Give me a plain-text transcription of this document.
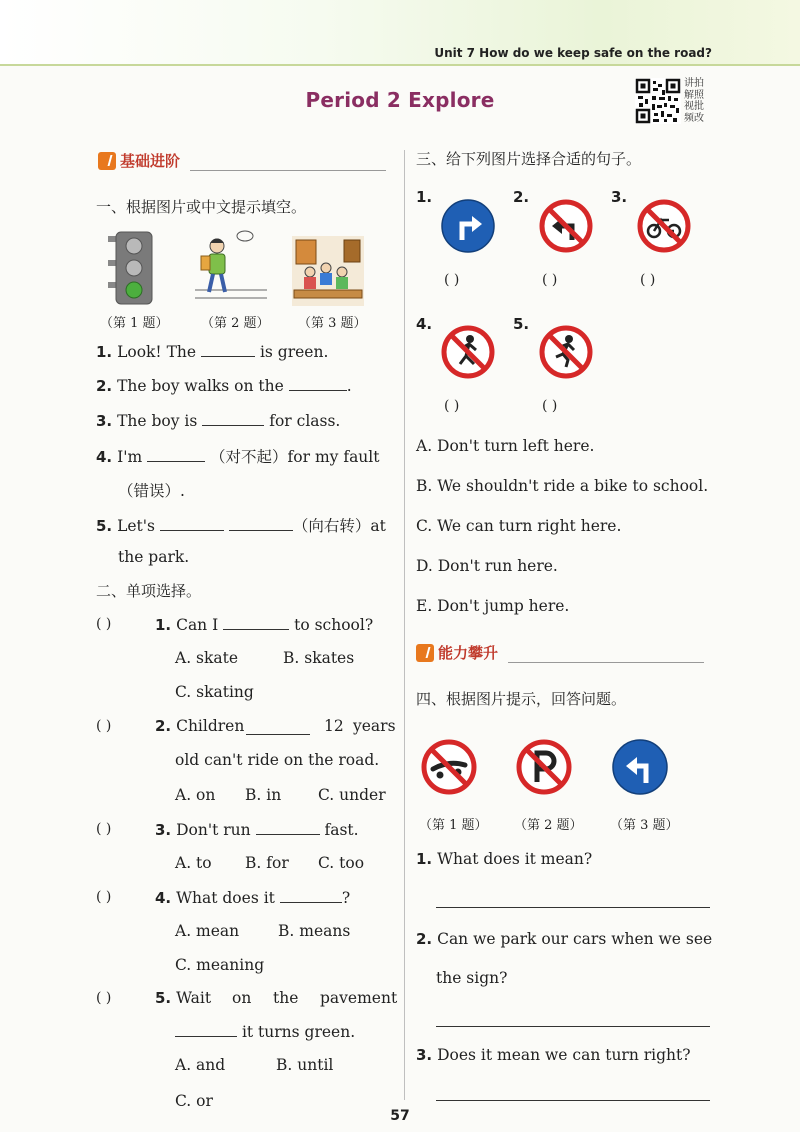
Unit 7 How do we keep safe on the road?
Period 2 Explore
讲拍
解照
视批
频改
基础进阶
一、根据图片或中文提示填空。
（第 1 题） （第 2 题） （第 3 题）
1. Look! The	is green.
2. The boy walks on the	.
3. The boy is	for class.
4. I'm	（对不起）for my fault
（错误）.
5. Let's	（向右转）at
the park.
二、单项选择。
( )	1. Can I	to school?
A. skate	B. skates
C. skating
( )	2. Children	12 years
old can't ride on the road.
A. on B. in C. under
( )	3. Don't run	fast.
A. to B. for C. too
( )	4. What does it	?
A. mean	B. means
C. meaning
( )	5. Wait on the pavement
it turns green.
A. and	B. until
C. or
三、给下列图片选择合适的句子。
1.	2.	3.
( )	( )	( )
4.	5.
( )	( )
A. Don't turn left here.
B. We shouldn't ride a bike to school.
C. We can turn right here.
D. Don't run here.
E. Don't jump here.
能力攀升
四、根据图片提示，回答问题。
（第 1 题） （第 2 题） （第 3 题）
1. What does it mean?
2. Can we park our cars when we see
the sign?
3. Does it mean we can turn right?
57
